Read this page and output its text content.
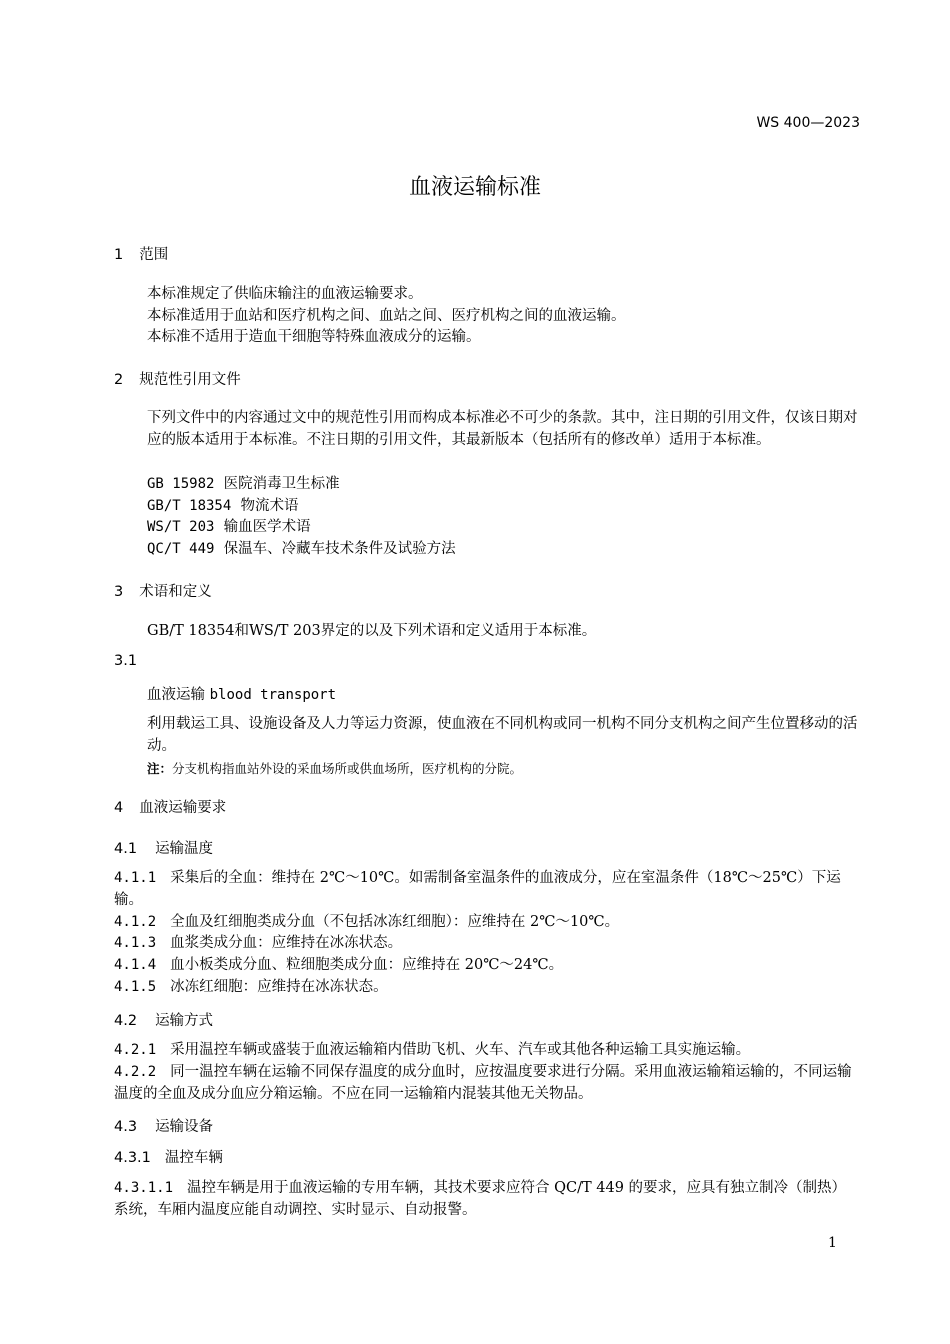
WS 400—2023
血液运输标准
1 范围
本标准规定了供临床输注的血液运输要求。
本标准适用于血站和医疗机构之间、血站之间、医疗机构之间的血液运输。
本标准不适用于造血干细胞等特殊血液成分的运输。
2 规范性引用文件
下列文件中的内容通过文中的规范性引用而构成本标准必不可少的条款。其中，注日期的引用文件，仅该日期对应的版本适用于本标准。不注日期的引用文件，其最新版本（包括所有的修改单）适用于本标准。
GB 15982 医院消毒卫生标准
GB/T 18354 物流术语
WS/T 203 输血医学术语
QC/T 449 保温车、冷藏车技术条件及试验方法
3 术语和定义
GB/T 18354和WS/T 203界定的以及下列术语和定义适用于本标准。
3.1
血液运输 blood transport
利用载运工具、设施设备及人力等运力资源，使血液在不同机构或同一机构不同分支机构之间产生位置移动的活动。
注：分支机构指血站外设的采血场所或供血场所，医疗机构的分院。
4 血液运输要求
4.1 运输温度
4.1.1 采集后的全血：维持在 2℃～10℃。如需制备室温条件的血液成分，应在室温条件（18℃～25℃）下运输。
4.1.2 全血及红细胞类成分血（不包括冰冻红细胞）：应维持在 2℃～10℃。
4.1.3 血浆类成分血：应维持在冰冻状态。
4.1.4 血小板类成分血、粒细胞类成分血：应维持在 20℃～24℃。
4.1.5 冰冻红细胞：应维持在冰冻状态。
4.2 运输方式
4.2.1 采用温控车辆或盛装于血液运输箱内借助飞机、火车、汽车或其他各种运输工具实施运输。
4.2.2 同一温控车辆在运输不同保存温度的成分血时，应按温度要求进行分隔。采用血液运输箱运输的，不同运输温度的全血及成分血应分箱运输。不应在同一运输箱内混装其他无关物品。
4.3 运输设备
4.3.1 温控车辆
4.3.1.1 温控车辆是用于血液运输的专用车辆，其技术要求应符合 QC/T 449 的要求，应具有独立制冷（制热）系统，车厢内温度应能自动调控、实时显示、自动报警。
1
